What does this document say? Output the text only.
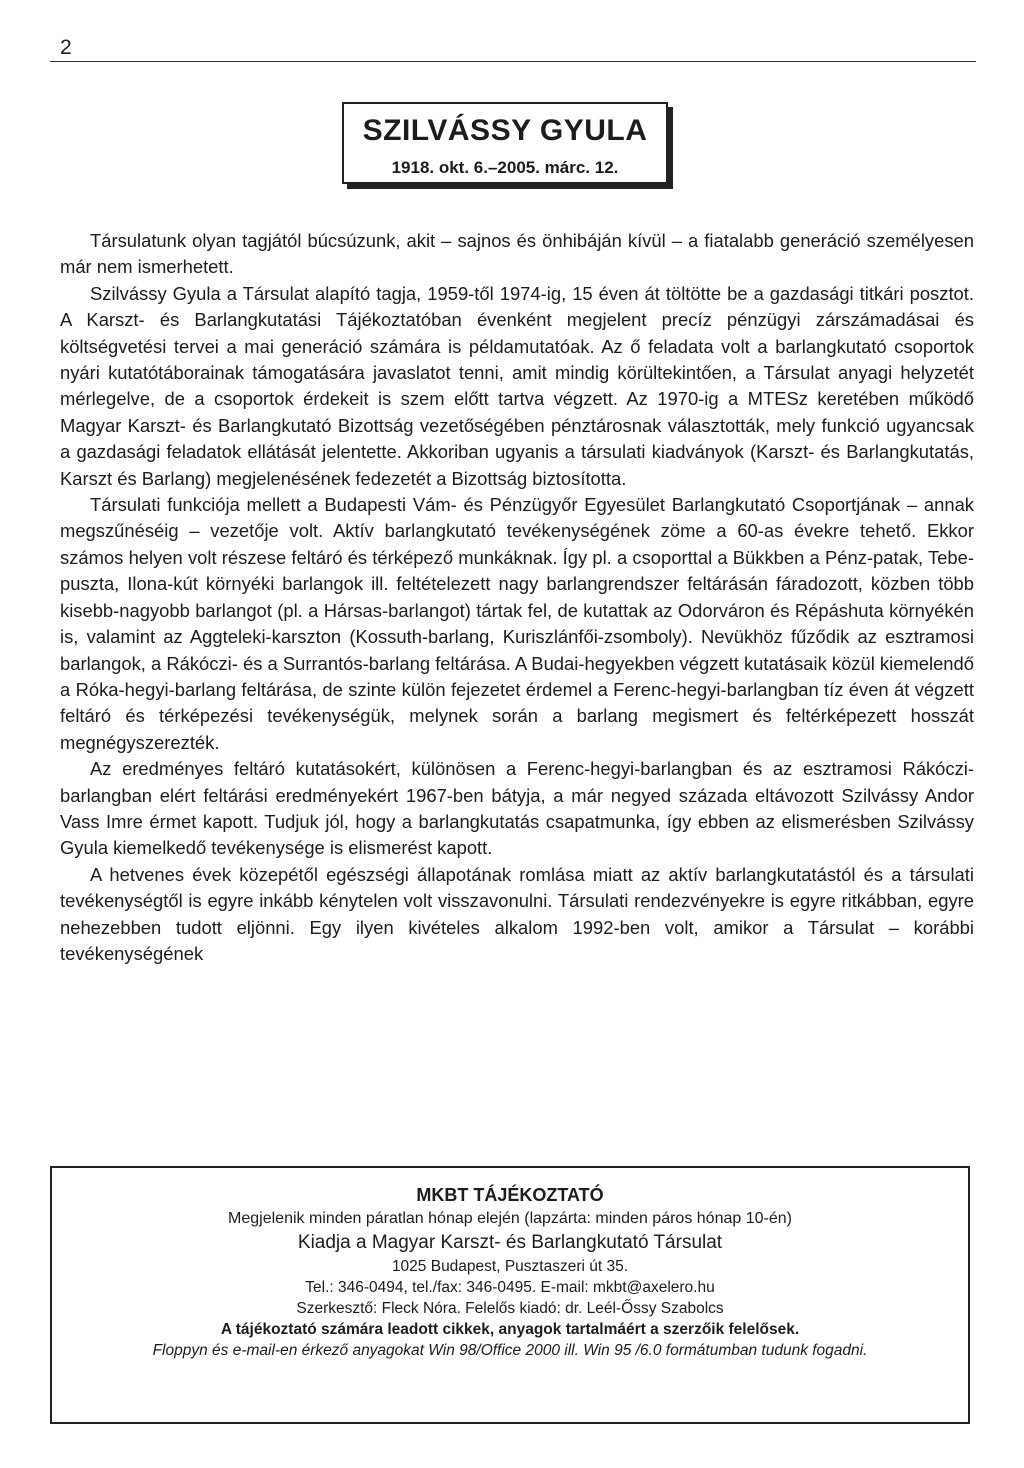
2
SZILVÁSSY GYULA
1918. okt. 6.–2005. márc. 12.

Társulatunk olyan tagjától búcsúzunk, akit – sajnos és önhibáján kívül – a fiatalabb generáció személyesen már nem ismerhetett.

Szilvássy Gyula a Társulat alapító tagja, 1959-től 1974-ig, 15 éven át töltötte be a gazdasági titkári posztot. A Karszt- és Barlangkutatási Tájékoztatóban évenként megjelent precíz pénzügyi zárszámadásai és költségvetési tervei a mai generáció számára is példamutatóak. Az ő feladata volt a barlangkutató csoportok nyári kutatótáborainak támogatására javaslatot tenni, amit mindig körültekintően, a Társulat anyagi helyzetét mérlegelve, de a csoportok érdekeit is szem előtt tartva végzett. Az 1970-ig a MTESz keretében működő Magyar Karszt- és Barlangkutató Bizottság vezetőségében pénztárosnak választották, mely funkció ugyancsak a gazdasági feladatok ellátását jelentette. Akkoriban ugyanis a társulati kiadványok (Karszt- és Barlangkutatás, Karszt és Barlang) megjelenésének fedezetét a Bizottság biztosította.

Társulati funkciója mellett a Budapesti Vám- és Pénzügyőr Egyesület Barlangkutató Csoportjának – annak megszűnéséig – vezetője volt. Aktív barlangkutató tevékenységének zöme a 60-as évekre tehető. Ekkor számos helyen volt részese feltáró és térképező munkáknak. Így pl. a csoporttal a Bükkben a Pénz-patak, Tebe-puszta, Ilona-kút környéki barlangok ill. feltételezett nagy barlangrendszer feltárásán fáradozott, közben több kisebb-nagyobb barlangot (pl. a Hársas-barlangot) tártak fel, de kutattak az Odorváron és Répáshuta környékén is, valamint az Aggteleki-karszton (Kossuth-barlang, Kuriszlánfői-zsomboly). Nevükhöz fűződik az esztramosi barlangok, a Rákóczi- és a Surrantós-barlang feltárása. A Budai-hegyekben végzett kutatásaik közül kiemelendő a Róka-hegyi-barlang feltárása, de szinte külön fejezetet érdemel a Ferenc-hegyi-barlangban tíz éven át végzett feltáró és térképezési tevékenységük, melynek során a barlang megismert és feltérképezett hosszát megnégyszerezték.

Az eredményes feltáró kutatásokért, különösen a Ferenc-hegyi-barlangban és az esztramosi Rákóczi-barlangban elért feltárási eredményekért 1967-ben bátyja, a már negyed százada eltávozott Szilvássy Andor Vass Imre érmet kapott. Tudjuk jól, hogy a barlangkutatás csapatmunka, így ebben az elismerésben Szilvássy Gyula kiemelkedő tevékenysége is elismerést kapott.

A hetvenes évek közepétől egészségi állapotának romlása miatt az aktív barlangkutatástól és a társulati tevékenységtől is egyre inkább kénytelen volt visszavonulni. Társulati rendezvényekre is egyre ritkábban, egyre nehezebben tudott eljönni. Egy ilyen kivételes alkalom 1992-ben volt, amikor a Társulat – korábbi tevékenységének

MKBT TÁJÉKOZTATÓ

Megjelenik minden páratlan hónap elején (lapzárta: minden páros hónap 10-én)

Kiadja a Magyar Karszt- és Barlangkutató Társulat

1025 Budapest, Pusztaszeri út 35.

Tel.: 346-0494, tel./fax: 346-0495. E-mail: mkbt@axelero.hu

Szerkesztő: Fleck Nóra. Felelős kiadó: dr. Leél-Őssy Szabolcs

A tájékoztató számára leadott cikkek, anyagok tartalmáért a szerzőik felelősek.

Floppyn és e-mail-en érkező anyagokat Win 98/Office 2000 ill. Win 95 /6.0 formátumban tudunk fogadni.
